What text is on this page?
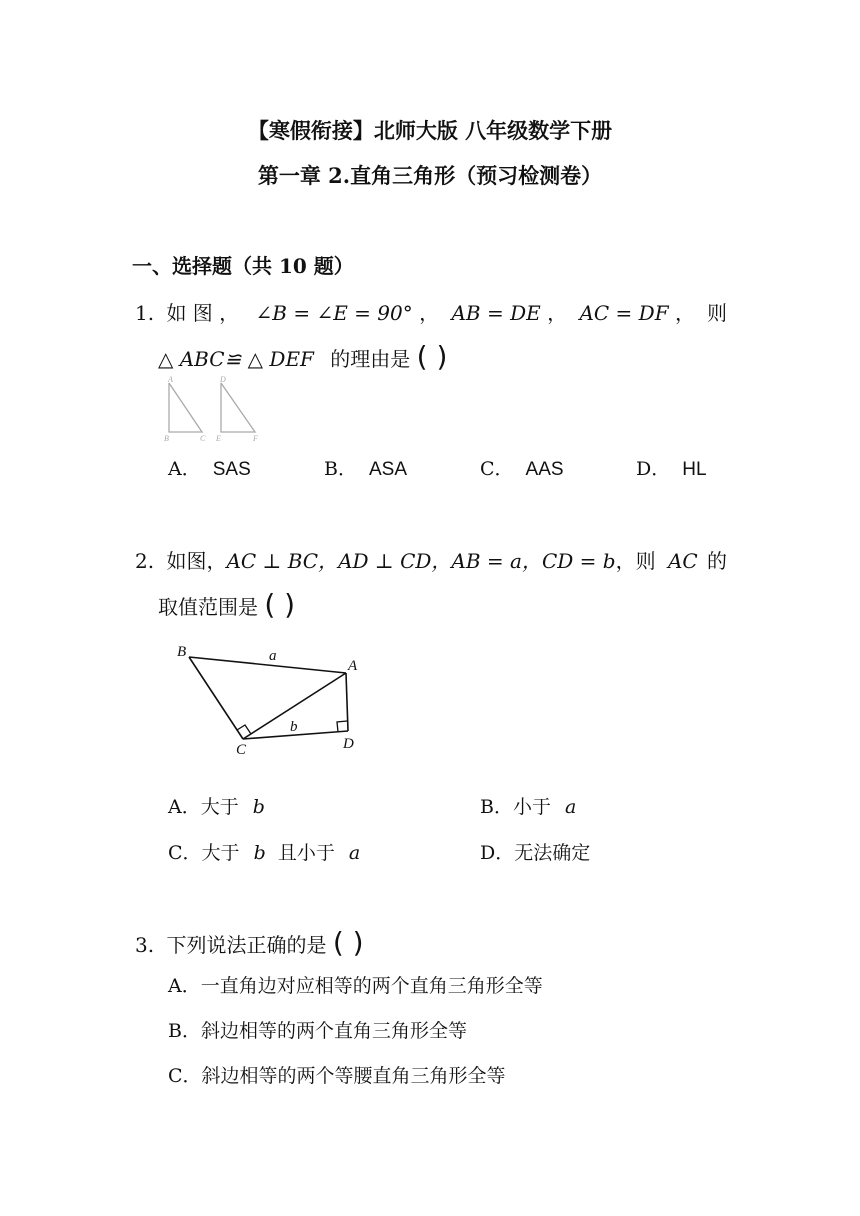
【寒假衔接】北师大版 八年级数学下册
第一章 2.直角三角形（预习检测卷）
一、选择题（共 10 题）
1. 如 图 ， ∠B = ∠E = 90° ， AB = DE ， AC = DF ， 则
△ ABC≌ △ DEF 的理由是 ( )
A
B	C
D
E	F
A． SAS	B． ASA	C． AAS	D． HL
2. 如图，AC ⊥ BC，AD ⊥ CD，AB = a，CD = b，则 AC 的
取值范围是 ( )
B	a
A
b
C	D
A．大于 b	B．小于 a
C．大于 b 且小于 a	D．无法确定
3. 下列说法正确的是 ( )
A．一直角边对应相等的两个直角三角形全等
B．斜边相等的两个直角三角形全等
C．斜边相等的两个等腰直角三角形全等
